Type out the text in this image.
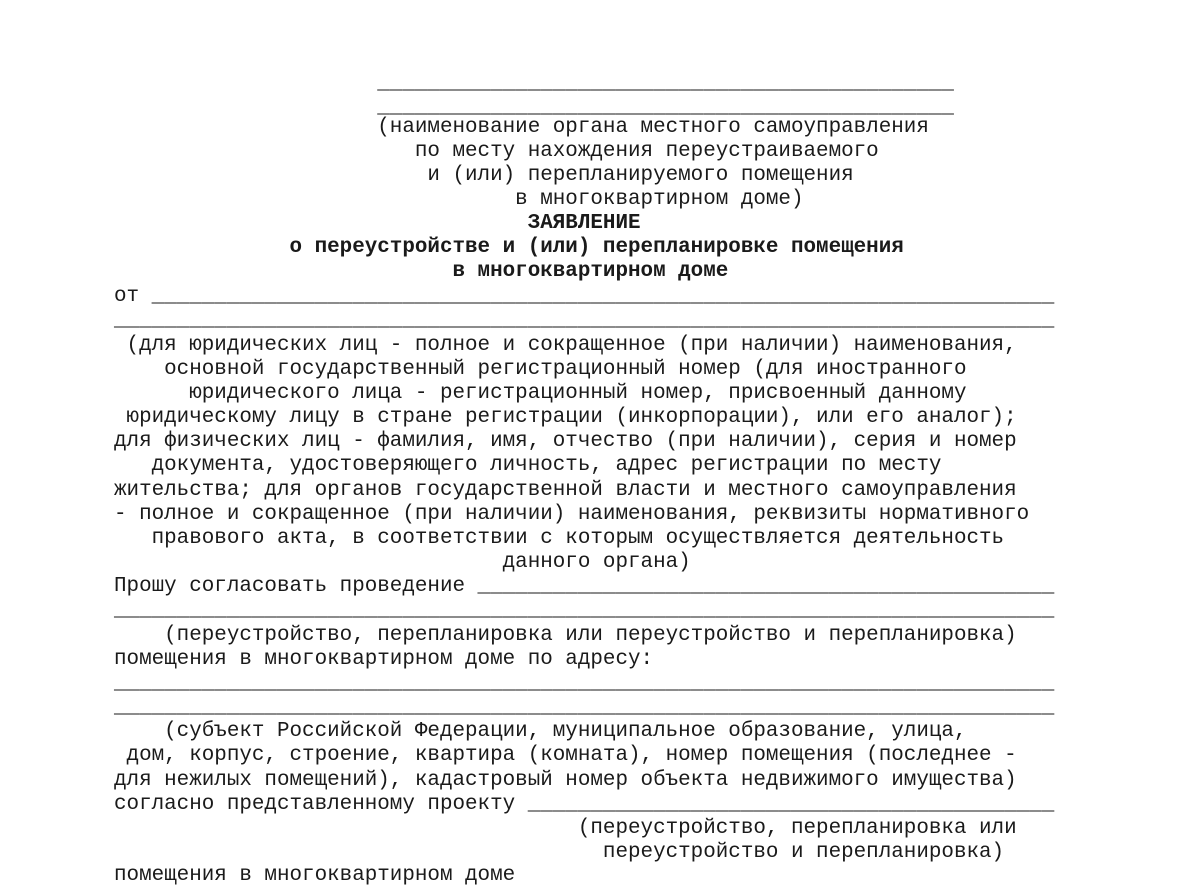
______________________________________________
______________________________________________
(наименование органа местного самоуправления
по месту нахождения переустраиваемого
и (или) перепланируемого помещения
в многоквартирном доме)
ЗАЯВЛЕНИЕ
о переустройстве и (или) перепланировке помещения
в многоквартирном доме
от ________________________________________________________________________
___________________________________________________________________________
(для юридических лиц - полное и сокращенное (при наличии) наименования,
основной государственный регистрационный номер (для иностранного
юридического лица - регистрационный номер, присвоенный данному
юридическому лицу в стране регистрации (инкорпорации), или его аналог);
для физических лиц - фамилия, имя, отчество (при наличии), серия и номер
документа, удостоверяющего личность, адрес регистрации по месту
жительства; для органов государственной власти и местного самоуправления
- полное и сокращенное (при наличии) наименования, реквизиты нормативного
правового акта, в соответствии с которым осуществляется деятельность
данного органа)
Прошу согласовать проведение ______________________________________________
___________________________________________________________________________
(переустройство, перепланировка или переустройство и перепланировка)
помещения в многоквартирном доме по адресу:
___________________________________________________________________________
___________________________________________________________________________
(субъект Российской Федерации, муниципальное образование, улица,
дом, корпус, строение, квартира (комната), номер помещения (последнее -
для нежилых помещений), кадастровый номер объекта недвижимого имущества)
согласно представленному проекту __________________________________________
(переустройство, перепланировка или
переустройство и перепланировка)
помещения в многоквартирном доме
